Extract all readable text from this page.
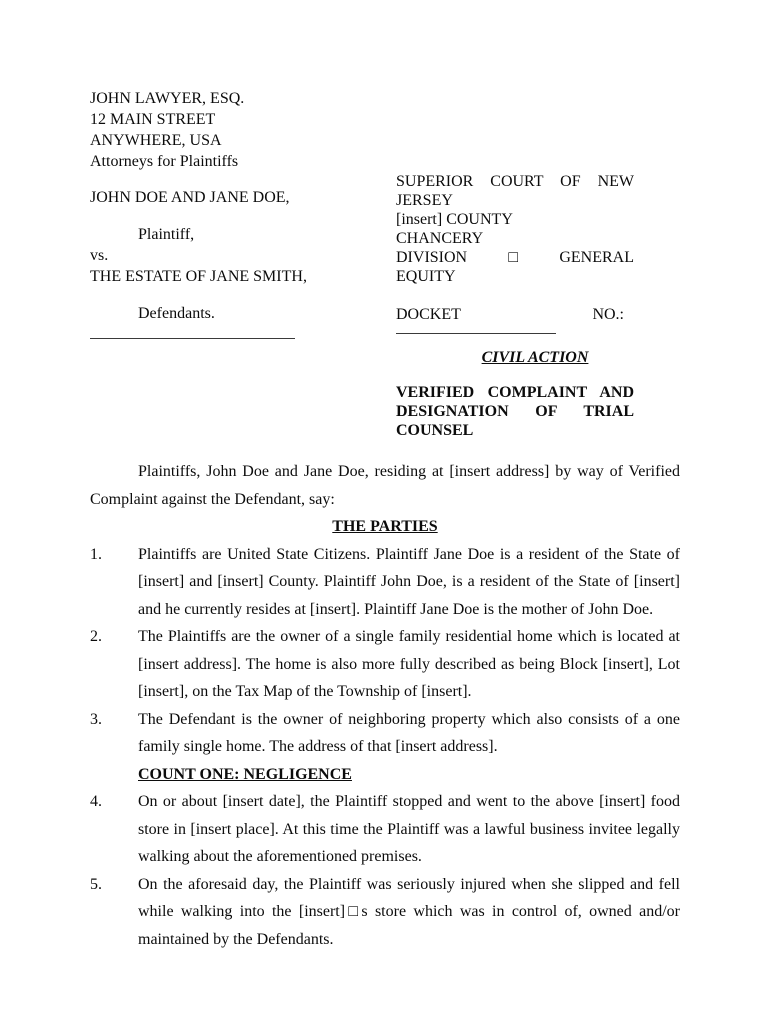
JOHN LAWYER, ESQ.
12 MAIN STREET
ANYWHERE, USA
Attorneys for Plaintiffs
JOHN DOE AND JANE DOE,
Plaintiff,
vs.
THE ESTATE OF JANE SMITH,
Defendants.
SUPERIOR COURT OF NEW
JERSEY
[insert] COUNTY
CHANCERY DIVISION□GENERAL
EQUITY
DOCKET	NO.:
CIVIL ACTION
VERIFIED COMPLAINT AND
DESIGNATION OF TRIAL
COUNSEL

Plaintiffs, John Doe and Jane Doe, residing at [insert address] by way of Verified Complaint against the Defendant, say:

THE PARTIES
1.	Plaintiffs are United State Citizens. Plaintiff Jane Doe is a resident of the State of [insert] and [insert] County. Plaintiff John Doe, is a resident of the State of [insert] and he currently resides at [insert]. Plaintiff Jane Doe is the mother of John Doe.
2.	The Plaintiffs are the owner of a single family residential home which is located at [insert address]. The home is also more fully described as being Block [insert], Lot [insert], on the Tax Map of the Township of [insert].
3.	The Defendant is the owner of neighboring property which also consists of a one family single home. The address of that [insert address].
COUNT ONE: NEGLIGENCE
4.	On or about [insert date], the Plaintiff stopped and went to the above [insert] food store in [insert place]. At this time the Plaintiff was a lawful business invitee legally walking about the aforementioned premises.
5.	On the aforesaid day, the Plaintiff was seriously injured when she slipped and fell while walking into the [insert]□s store which was in control of, owned and/or maintained by the Defendants.
